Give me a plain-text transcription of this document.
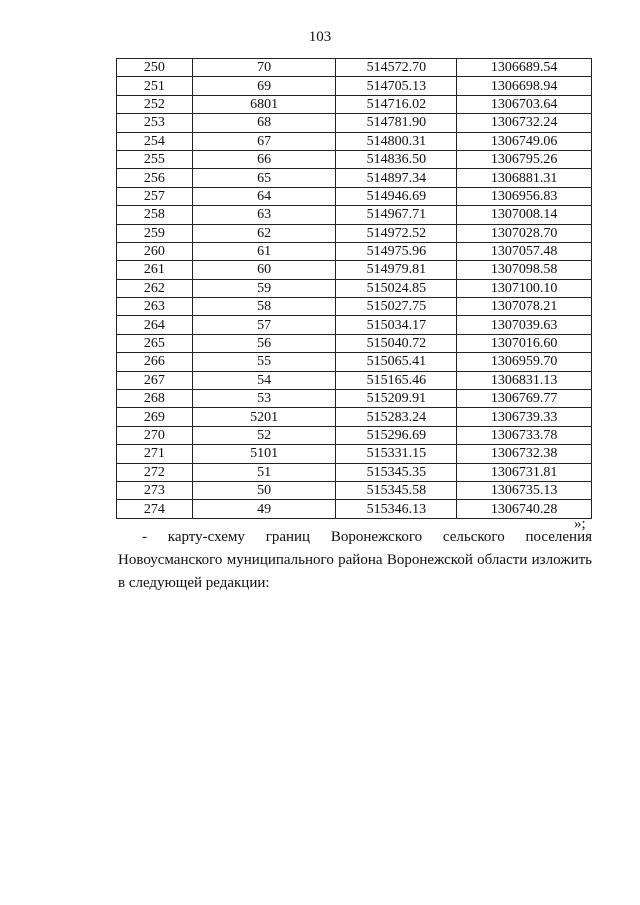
103
250	70	514572.70	1306689.54
251	69	514705.13	1306698.94
252	6801	514716.02	1306703.64
253	68	514781.90	1306732.24
254	67	514800.31	1306749.06
255	66	514836.50	1306795.26
256	65	514897.34	1306881.31
257	64	514946.69	1306956.83
258	63	514967.71	1307008.14
259	62	514972.52	1307028.70
260	61	514975.96	1307057.48
261	60	514979.81	1307098.58
262	59	515024.85	1307100.10
263	58	515027.75	1307078.21
264	57	515034.17	1307039.63
265	56	515040.72	1307016.60
266	55	515065.41	1306959.70
267	54	515165.46	1306831.13
268	53	515209.91	1306769.77
269	5201	515283.24	1306739.33
270	52	515296.69	1306733.78
271	5101	515331.15	1306732.38
272	51	515345.35	1306731.81
273	50	515345.58	1306735.13
274	49	515346.13	1306740.28
»;

- карту-схему границ Воронежского сельского поселения Новоусманского муниципального района Воронежской области изложить в следующей редакции:
